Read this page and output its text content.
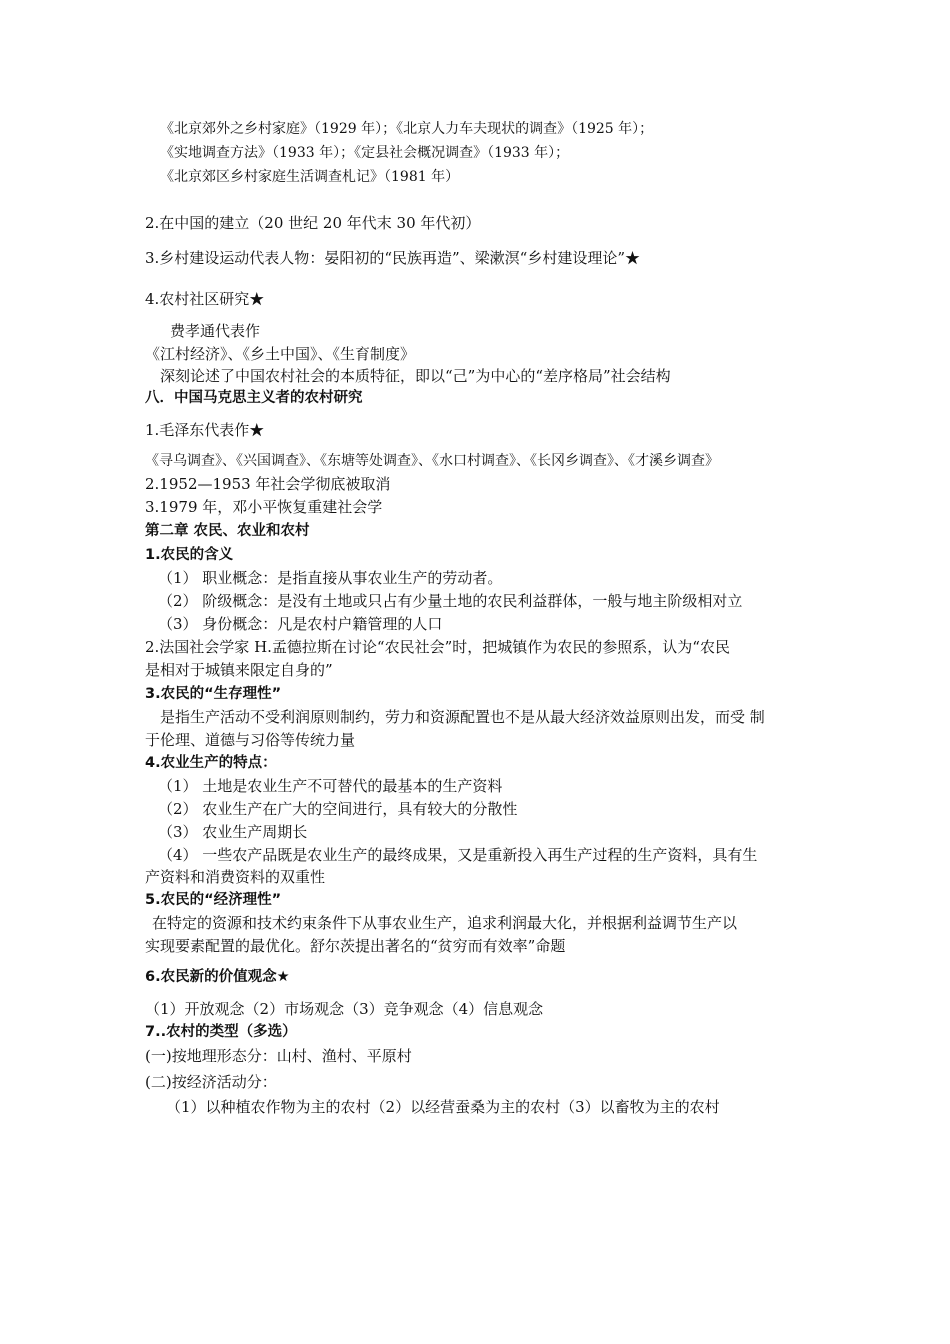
《北京郊外之乡村家庭》（1929 年）；《北京人力车夫现状的调查》（1925 年）；
《实地调查方法》（1933 年）；《定县社会概况调查》（1933 年）；
《北京郊区乡村家庭生活调查札记》（1981 年）
2.在中国的建立（20 世纪 20 年代末 30 年代初）
3.乡村建设运动代表人物：晏阳初的“民族再造”、梁漱溟“乡村建设理论”★
4.农村社区研究★
费孝通代表作
《江村经济》、《乡土中国》、《生育制度》
深刻论述了中国农村社会的本质特征，即以“己”为中心的“差序格局”社会结构
八．中国马克思主义者的农村研究
1.毛泽东代表作★
《寻乌调查》、《兴国调查》、《东塘等处调查》、《水口村调查》、《长冈乡调查》、《才溪乡调查》
2.1952—1953 年社会学彻底被取消
3.1979 年，邓小平恢复重建社会学
第二章 农民、农业和农村
1.农民的含义
（1） 职业概念：是指直接从事农业生产的劳动者。
（2） 阶级概念：是没有土地或只占有少量土地的农民利益群体，一般与地主阶级相对立
（3） 身份概念：凡是农村户籍管理的人口
2.法国社会学家 H.孟德拉斯在讨论“农民社会”时，把城镇作为农民的参照系，认为“农民
是相对于城镇来限定自身的”
3.农民的“生存理性”
是指生产活动不受利润原则制约，劳力和资源配置也不是从最大经济效益原则出发，而受 制
于伦理、道德与习俗等传统力量
4.农业生产的特点：
（1） 土地是农业生产不可替代的最基本的生产资料
（2） 农业生产在广大的空间进行，具有较大的分散性
（3） 农业生产周期长
（4） 一些农产品既是农业生产的最终成果，又是重新投入再生产过程的生产资料，具有生
产资料和消费资料的双重性
5.农民的“经济理性”
在特定的资源和技术约束条件下从事农业生产，追求利润最大化，并根据利益调节生产以
实现要素配置的最优化。舒尔茨提出著名的“贫穷而有效率”命题
6.农民新的价值观念★
（1）开放观念（2）市场观念（3）竞争观念（4）信息观念
7..农村的类型（多选）
(一)按地理形态分：山村、渔村、平原村
(二)按经济活动分：
（1）以种植农作物为主的农村（2）以经营蚕桑为主的农村（3）以畜牧为主的农村
